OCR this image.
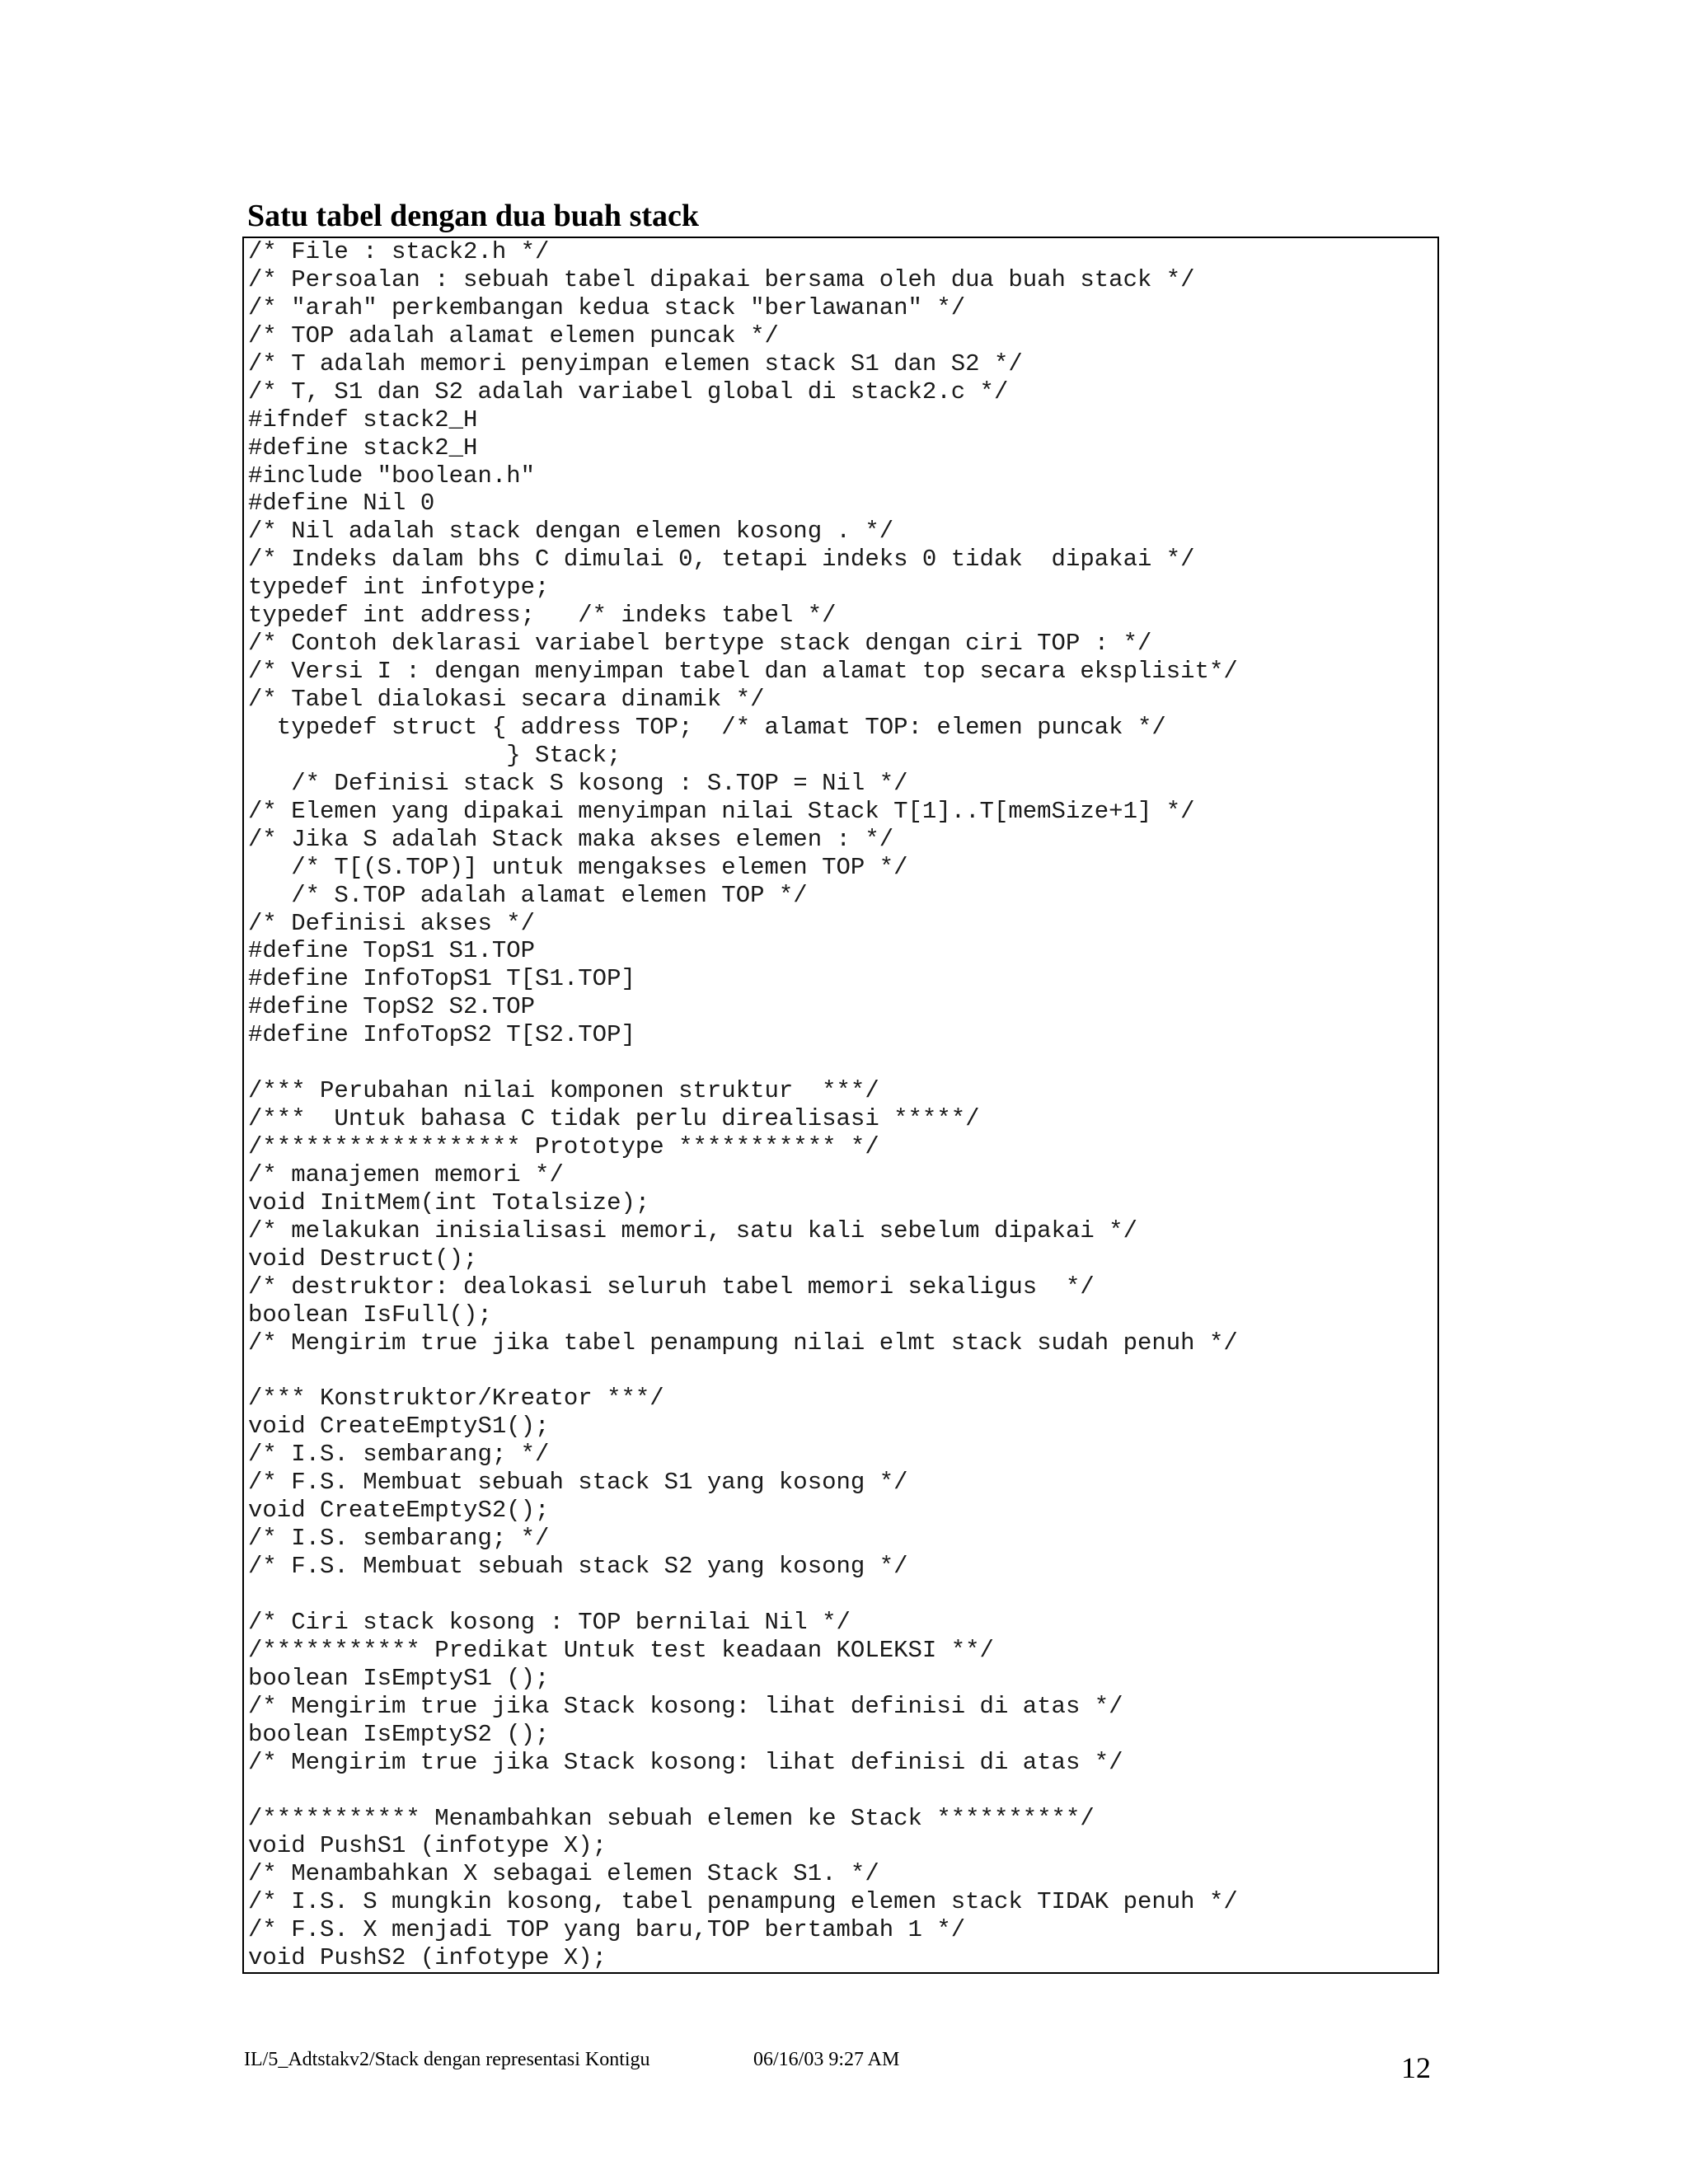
Satu tabel dengan dua buah stack
/* File : stack2.h */
/* Persoalan : sebuah tabel dipakai bersama oleh dua buah stack */
/* "arah" perkembangan kedua stack "berlawanan" */
/* TOP adalah alamat elemen puncak */
/* T adalah memori penyimpan elemen stack S1 dan S2 */
/* T, S1 dan S2 adalah variabel global di stack2.c */
#ifndef stack2_H
#define stack2_H
#include "boolean.h"
#define Nil 0
/* Nil adalah stack dengan elemen kosong . */
/* Indeks dalam bhs C dimulai 0, tetapi indeks 0 tidak  dipakai */
typedef int infotype;
typedef int address;   /* indeks tabel */
/* Contoh deklarasi variabel bertype stack dengan ciri TOP : */
/* Versi I : dengan menyimpan tabel dan alamat top secara eksplisit*/
/* Tabel dialokasi secara dinamik */
typedef struct { address TOP;  /* alamat TOP: elemen puncak */
} Stack;
/* Definisi stack S kosong : S.TOP = Nil */
/* Elemen yang dipakai menyimpan nilai Stack T[1]..T[memSize+1] */
/* Jika S adalah Stack maka akses elemen : */
/* T[(S.TOP)] untuk mengakses elemen TOP */
/* S.TOP adalah alamat elemen TOP */
/* Definisi akses */
#define TopS1 S1.TOP
#define InfoTopS1 T[S1.TOP]
#define TopS2 S2.TOP
#define InfoTopS2 T[S2.TOP]
/*** Perubahan nilai komponen struktur  ***/
/***  Untuk bahasa C tidak perlu direalisasi *****/
/****************** Prototype *********** */
/* manajemen memori */
void InitMem(int Totalsize);
/* melakukan inisialisasi memori, satu kali sebelum dipakai */
void Destruct();
/* destruktor: dealokasi seluruh tabel memori sekaligus  */
boolean IsFull();
/* Mengirim true jika tabel penampung nilai elmt stack sudah penuh */
/*** Konstruktor/Kreator ***/
void CreateEmptyS1();
/* I.S. sembarang; */
/* F.S. Membuat sebuah stack S1 yang kosong */
void CreateEmptyS2();
/* I.S. sembarang; */
/* F.S. Membuat sebuah stack S2 yang kosong */
/* Ciri stack kosong : TOP bernilai Nil */
/*********** Predikat Untuk test keadaan KOLEKSI **/
boolean IsEmptyS1 ();
/* Mengirim true jika Stack kosong: lihat definisi di atas */
boolean IsEmptyS2 ();
/* Mengirim true jika Stack kosong: lihat definisi di atas */
/*********** Menambahkan sebuah elemen ke Stack **********/
void PushS1 (infotype X);
/* Menambahkan X sebagai elemen Stack S1. */
/* I.S. S mungkin kosong, tabel penampung elemen stack TIDAK penuh */
/* F.S. X menjadi TOP yang baru,TOP bertambah 1 */
void PushS2 (infotype X);
IL/5_Adtstakv2/Stack dengan representasi Kontigu	06/16/03 9:27 AM	12
